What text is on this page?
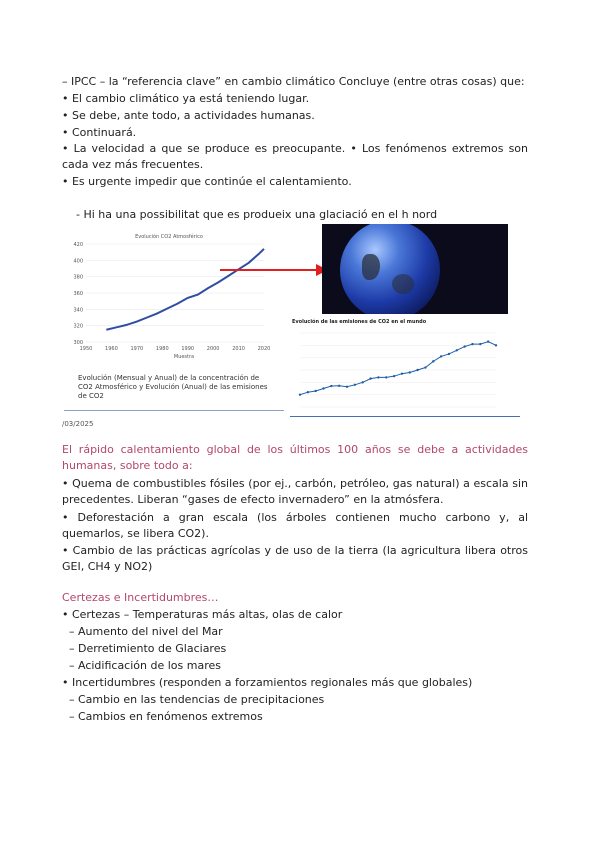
– IPCC – la “referencia clave” en cambio climático Concluye (entre otras cosas) que:
• El cambio climático ya está teniendo lugar.
• Se debe, ante todo, a actividades humanas.
• Continuará.
• La velocidad a que se produce es preocupante. • Los fenómenos extremos son cada vez más frecuentes.
• Es urgente impedir que continúe el calentamiento.
- Hi ha una possibilitat que es produeix una glaciació en el h nord
Evolución CO2 Atmosférico
300
320
340
360
380
400
420
1950	1960	1970	1980	1990	2000	2010	2020
Muestra
Evolución de las emisiones de CO2 en el mundo
Evolución (Mensual y Anual) de la concentración de CO2 Atmosférico y Evolución (Anual) de las emisiones de CO2
/03/2025
El rápido calentamiento global de los últimos 100 años se debe a actividades humanas, sobre todo a:
• Quema de combustibles fósiles (por ej., carbón, petróleo, gas natural) a escala sin precedentes. Liberan “gases de efecto invernadero” en la atmósfera.
• Deforestación a gran escala (los árboles contienen mucho carbono y, al quemarlos, se libera CO2).
• Cambio de las prácticas agrícolas y de uso de la tierra (la agricultura libera otros GEI, CH4 y NO2)
Certezas e Incertidumbres…
• Certezas – Temperaturas más altas, olas de calor
– Aumento del nivel del Mar
– Derretimiento de Glaciares
– Acidificación de los mares
• Incertidumbres (responden a forzamientos regionales más que globales)
– Cambio en las tendencias de precipitaciones
– Cambios en fenómenos extremos
